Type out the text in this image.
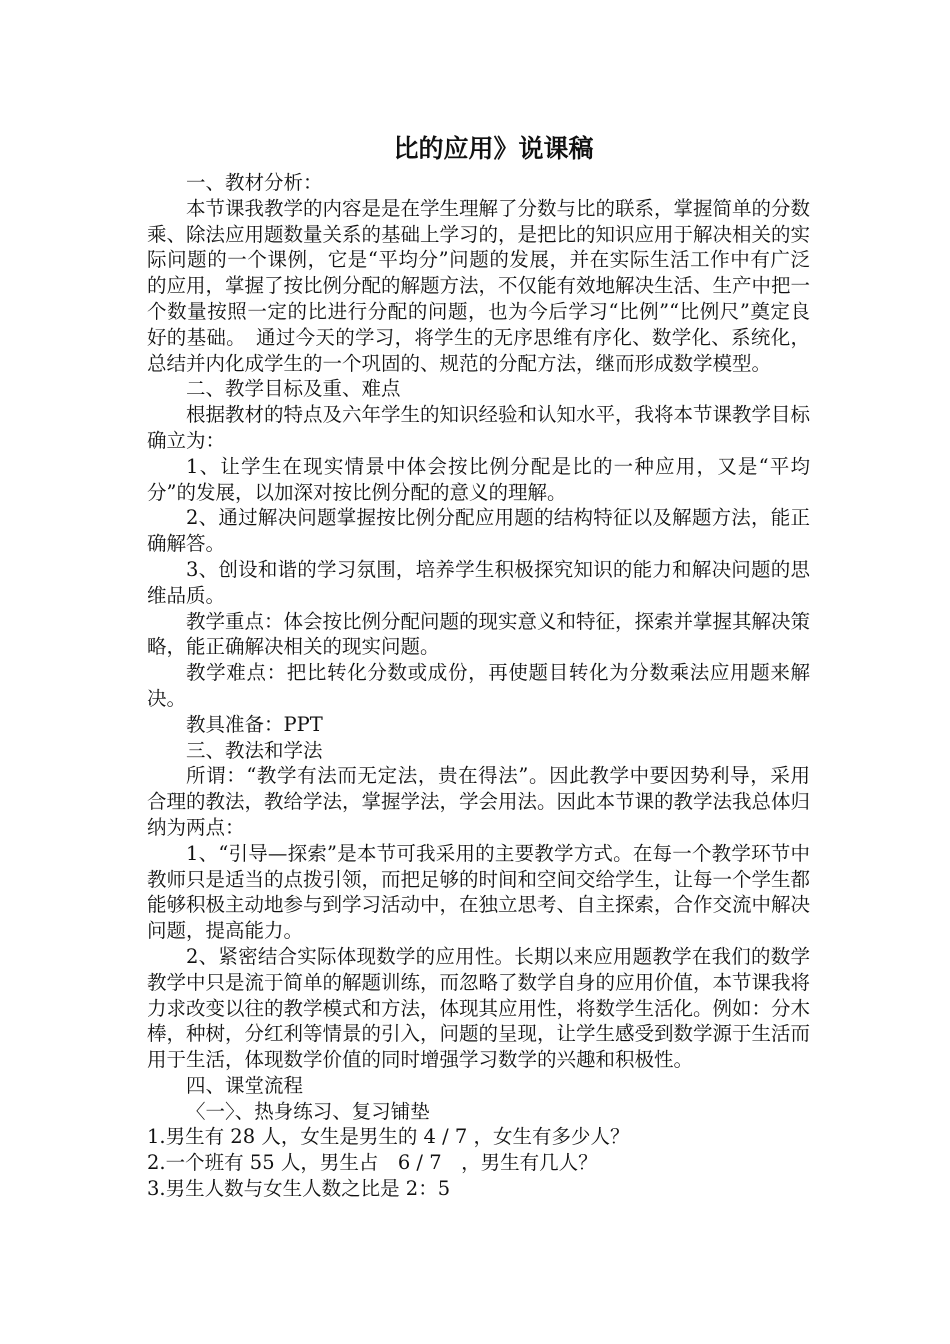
比的应用》说课稿

一、教材分析：

本节课我教学的内容是是在学生理解了分数与比的联系，掌握简单的分数乘、除法应用题数量关系的基础上学习的，是把比的知识应用于解决相关的实际问题的一个课例，它是“平均分”问题的发展，并在实际生活工作中有广泛的应用，掌握了按比例分配的解题方法，不仅能有效地解决生活、生产中把一个数量按照一定的比进行分配的问题，也为今后学习“比例”“比例尺”奠定良好的基础。　通过今天的学习，将学生的无序思维有序化、数学化、系统化，总结并内化成学生的一个巩固的、规范的分配方法，继而形成数学模型。

二、教学目标及重、难点

根据教材的特点及六年学生的知识经验和认知水平，我将本节课教学目标确立为：

1、让学生在现实情景中体会按比例分配是比的一种应用，又是“平均分”的发展，以加深对按比例分配的意义的理解。

2、通过解决问题掌握按比例分配应用题的结构特征以及解题方法，能正确解答。

3、创设和谐的学习氛围，培养学生积极探究知识的能力和解决问题的思维品质。

教学重点：体会按比例分配问题的现实意义和特征，探索并掌握其解决策略，能正确解决相关的现实问题。

教学难点：把比转化分数或成份，再使题目转化为分数乘法应用题来解决。

教具准备：PPT

三、教法和学法

所谓：“教学有法而无定法，贵在得法”。因此教学中要因势利导，采用合理的教法，教给学法，掌握学法，学会用法。因此本节课的教学法我总体归纳为两点：

1、“引导—探索”是本节可我采用的主要教学方式。在每一个教学环节中教师只是适当的点拨引领，而把足够的时间和空间交给学生，让每一个学生都能够积极主动地参与到学习活动中，在独立思考、自主探索，合作交流中解决问题，提高能力。

2、紧密结合实际体现数学的应用性。长期以来应用题教学在我们的数学教学中只是流于简单的解题训练，而忽略了数学自身的应用价值，本节课我将力求改变以往的教学模式和方法，体现其应用性，将数学生活化。例如：分木棒，种树，分红利等情景的引入，问题的呈现，让学生感受到数学源于生活而用于生活，体现数学价值的同时增强学习数学的兴趣和积极性。

四、课堂流程

〈一〉、热身练习、复习铺垫

1.男生有 28 人，女生是男生的 4 / 7 ，女生有多少人？

2.一个班有 55 人，男生占　6 / 7　，男生有几人？

3.男生人数与女生人数之比是 2：5
